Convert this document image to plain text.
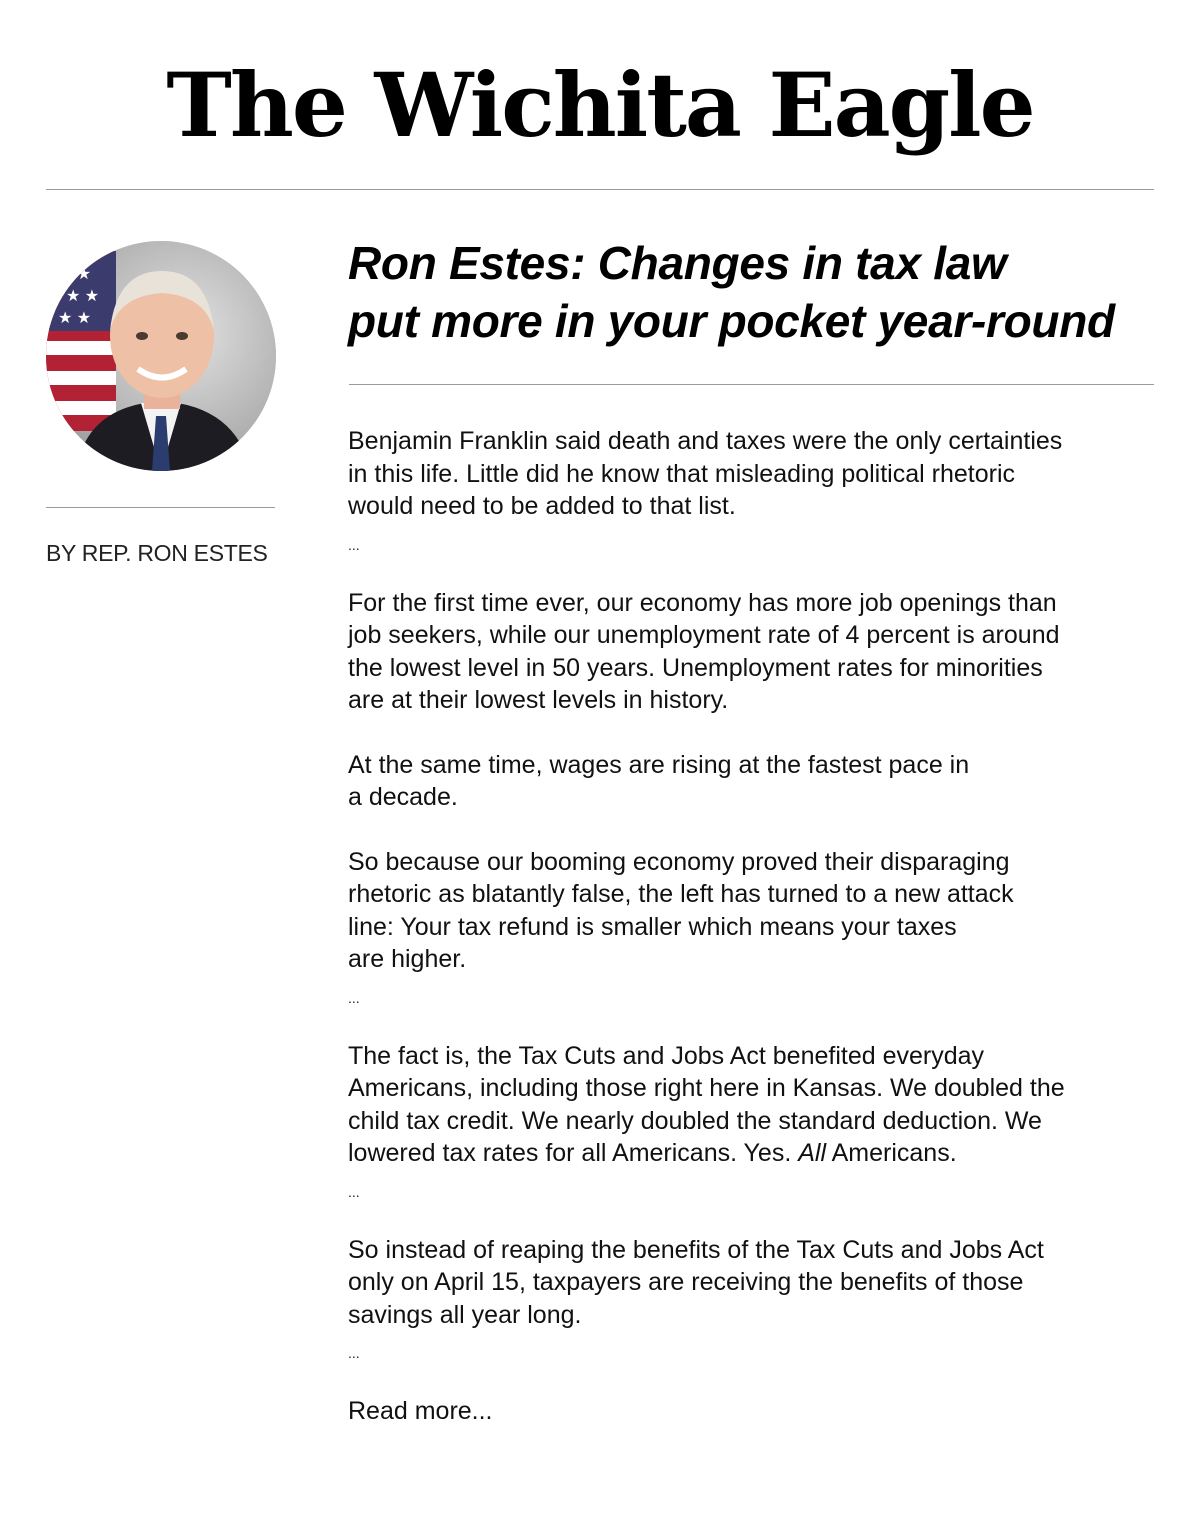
The Wichita Eagle
★ ★
★ ★
★ ★
BY REP. RON ESTES
Ron Estes: Changes in tax law
put more in your pocket year-round

Benjamin Franklin said death and taxes were the only certainties
in this life. Little did he know that misleading political rhetoric
would need to be added to that list.

...

For the first time ever, our economy has more job openings than
job seekers, while our unemployment rate of 4 percent is around
the lowest level in 50 years. Unemployment rates for minorities
are at their lowest levels in history.

At the same time, wages are rising at the fastest pace in
a decade.

So because our booming economy proved their disparaging
rhetoric as blatantly false, the left has turned to a new attack
line: Your tax refund is smaller which means your taxes
are higher.

...

The fact is, the Tax Cuts and Jobs Act benefited everyday
Americans, including those right here in Kansas. We doubled the
child tax credit. We nearly doubled the standard deduction. We
lowered tax rates for all Americans. Yes. All Americans.

...

So instead of reaping the benefits of the Tax Cuts and Jobs Act
only on April 15, taxpayers are receiving the benefits of those
savings all year long.

...

Read more...
